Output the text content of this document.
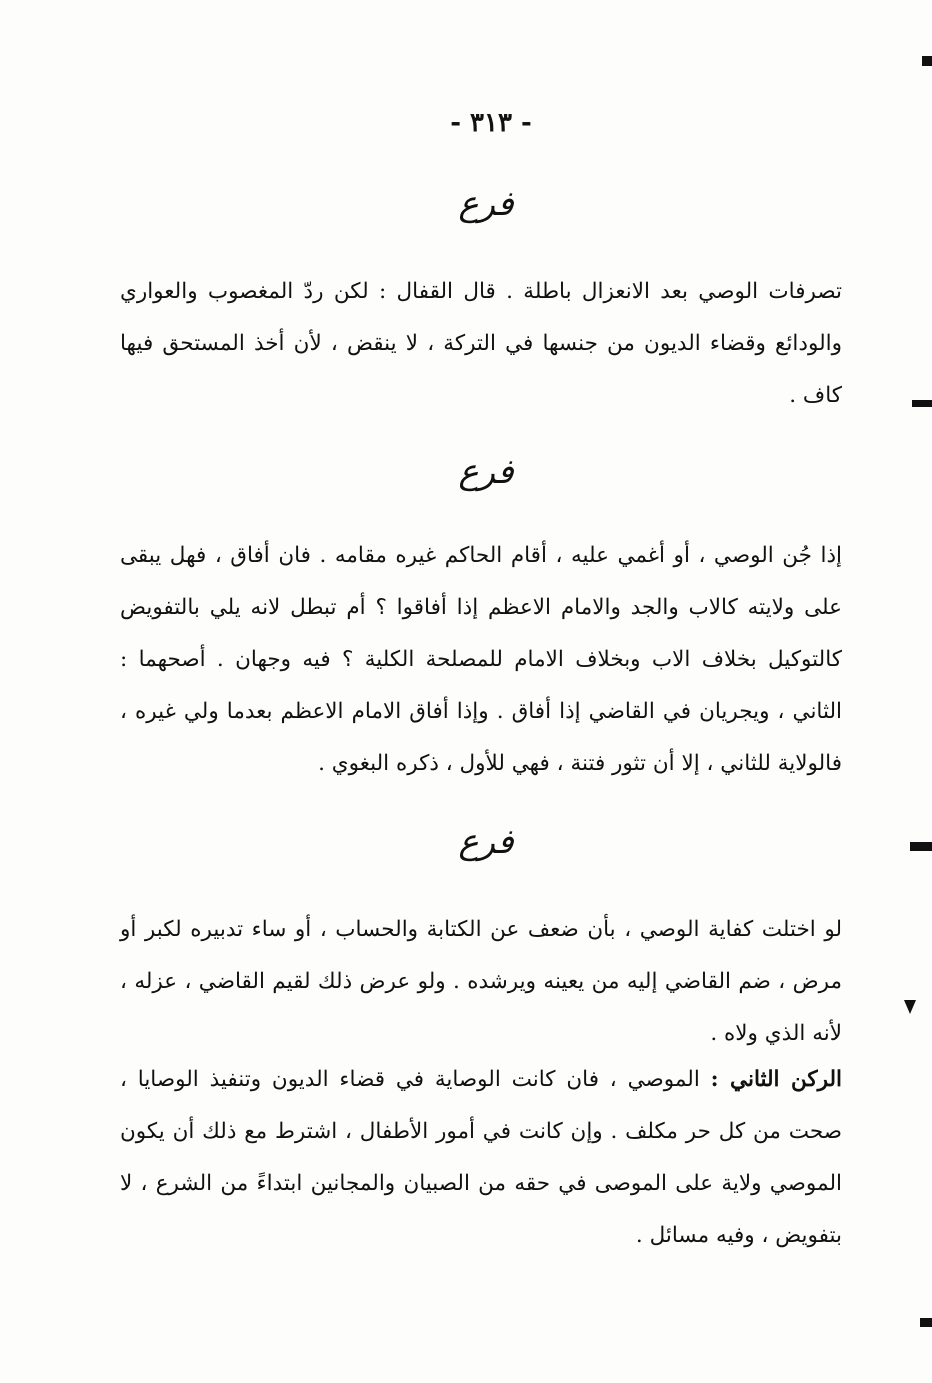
- ٣١٣ -
فرع
تصرفات الوصي بعد الانعزال باطلة . قال القفال : لكن ردّ المغصوب والعواري والودائع وقضاء الديون من جنسها في التركة ، لا ينقض ، لأن أخذ المستحق فيها كاف .
فرع
إذا جُن الوصي ، أو أغمي عليه ، أقام الحاكم غيره مقامه . فان أفاق ، فهل يبقى على ولايته كالاب والجد والامام الاعظم إذا أفاقوا ؟ أم تبطل لانه يلي بالتفويض كالتوكيل بخلاف الاب وبخلاف الامام للمصلحة الكلية ؟ فيه وجهان . أصحهما : الثاني ، ويجريان في القاضي إذا أفاق . وإذا أفاق الامام الاعظم بعدما ولي غيره ، فالولاية للثاني ، إلا أن تثور فتنة ، فهي للأول ، ذكره البغوي .
فرع
لو اختلت كفاية الوصي ، بأن ضعف عن الكتابة والحساب ، أو ساء تدبيره لكبر أو مرض ، ضم القاضي إليه من يعينه ويرشده . ولو عرض ذلك لقيم القاضي ، عزله ، لأنه الذي ولاه .
الركن الثاني : الموصي ، فان كانت الوصاية في قضاء الديون وتنفيذ الوصايا ، صحت من كل حر مكلف . وإن كانت في أمور الأطفال ، اشترط مع ذلك أن يكون الموصي ولاية على الموصى في حقه من الصبيان والمجانين ابتداءً من الشرع ، لا بتفويض ، وفيه مسائل .
